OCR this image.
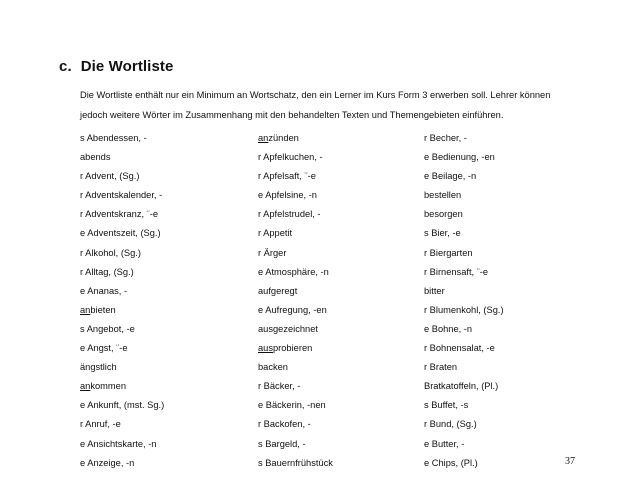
c. Die Wortliste
Die Wortliste enthält nur ein Minimum an Wortschatz, den ein Lerner im Kurs Form 3 erwerben soll. Lehrer können
jedoch weitere Wörter im Zusammenhang mit den behandelten Texten und Themengebieten einführen.
s Abendessen, -
abends
r Advent, (Sg.)
r Adventskalender, -
r Adventskranz, ¨-e
e Adventszeit, (Sg.)
r Alkohol, (Sg.)
r Alltag, (Sg.)
e Ananas, -
anbieten
s Angebot, -e
e Angst, ¨-e
ängstlich
ankommen
e Ankunft, (mst. Sg.)
r Anruf, -e
e Ansichtskarte, -n
e Anzeige, -n
anzünden
r Apfelkuchen, -
r Apfelsaft, ¨-e
e Apfelsine, -n
r Apfelstrudel, -
r Appetit
r Ärger
e Atmosphäre, -n
aufgeregt
e Aufregung, -en
ausgezeichnet
ausprobieren
backen
r Bäcker, -
e Bäckerin, -nen
r Backofen, -
s Bargeld, -
s Bauernfrühstück
r Becher, -
e Bedienung, -en
e Beilage, -n
bestellen
besorgen
s Bier, -e
r Biergarten
r Birnensaft, ¨-e
bitter
r Blumenkohl, (Sg.)
e Bohne, -n
r Bohnensalat, -e
r Braten
Bratkatoffeln, (Pl.)
s Buffet, -s
r Bund, (Sg.)
e Butter, -
e Chips, (Pl.)	37
